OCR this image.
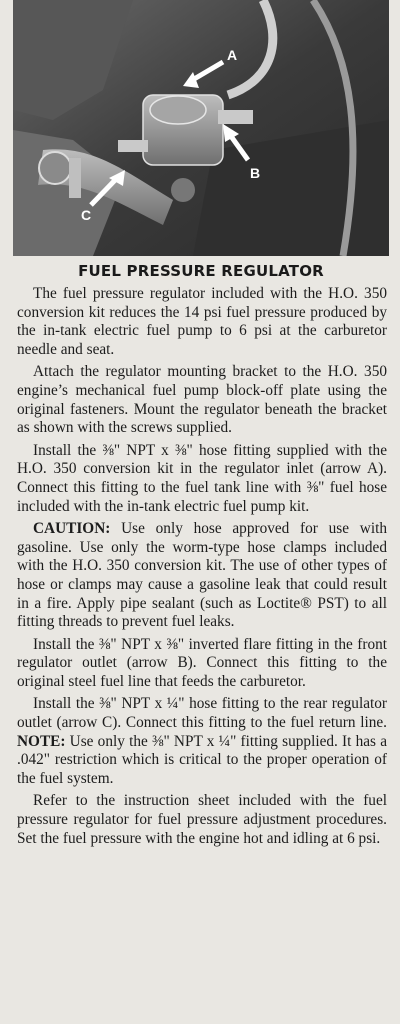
A
B
C
FUEL PRESSURE REGULATOR

The fuel pressure regulator included with the H.O. 350 conversion kit reduces the 14 psi fuel pressure produced by the in-tank electric fuel pump to 6 psi at the carburetor needle and seat.

Attach the regulator mounting bracket to the H.O. 350 engine’s mechanical fuel pump block-off plate using the original fasteners. Mount the regulator beneath the bracket as shown with the screws supplied.

Install the ⅜" NPT x ⅜" hose fitting supplied with the H.O. 350 conversion kit in the regulator inlet (arrow A). Connect this fitting to the fuel tank line with ⅜" fuel hose included with the in-tank electric fuel pump kit.

CAUTION: Use only hose approved for use with gasoline. Use only the worm-type hose clamps included with the H.O. 350 conversion kit. The use of other types of hose or clamps may cause a gasoline leak that could result in a fire. Apply pipe sealant (such as Loctite® PST) to all fitting threads to prevent fuel leaks.

Install the ⅜" NPT x ⅜" inverted flare fitting in the front regulator outlet (arrow B). Connect this fitting to the original steel fuel line that feeds the carburetor.

Install the ⅜" NPT x ¼" hose fitting to the rear regulator outlet (arrow C). Connect this fitting to the fuel return line. NOTE: Use only the ⅜" NPT x ¼" fitting supplied. It has a .042" restriction which is critical to the proper operation of the fuel system.

Refer to the instruction sheet included with the fuel pressure regulator for fuel pressure adjustment procedures. Set the fuel pressure with the engine hot and idling at 6 psi.
